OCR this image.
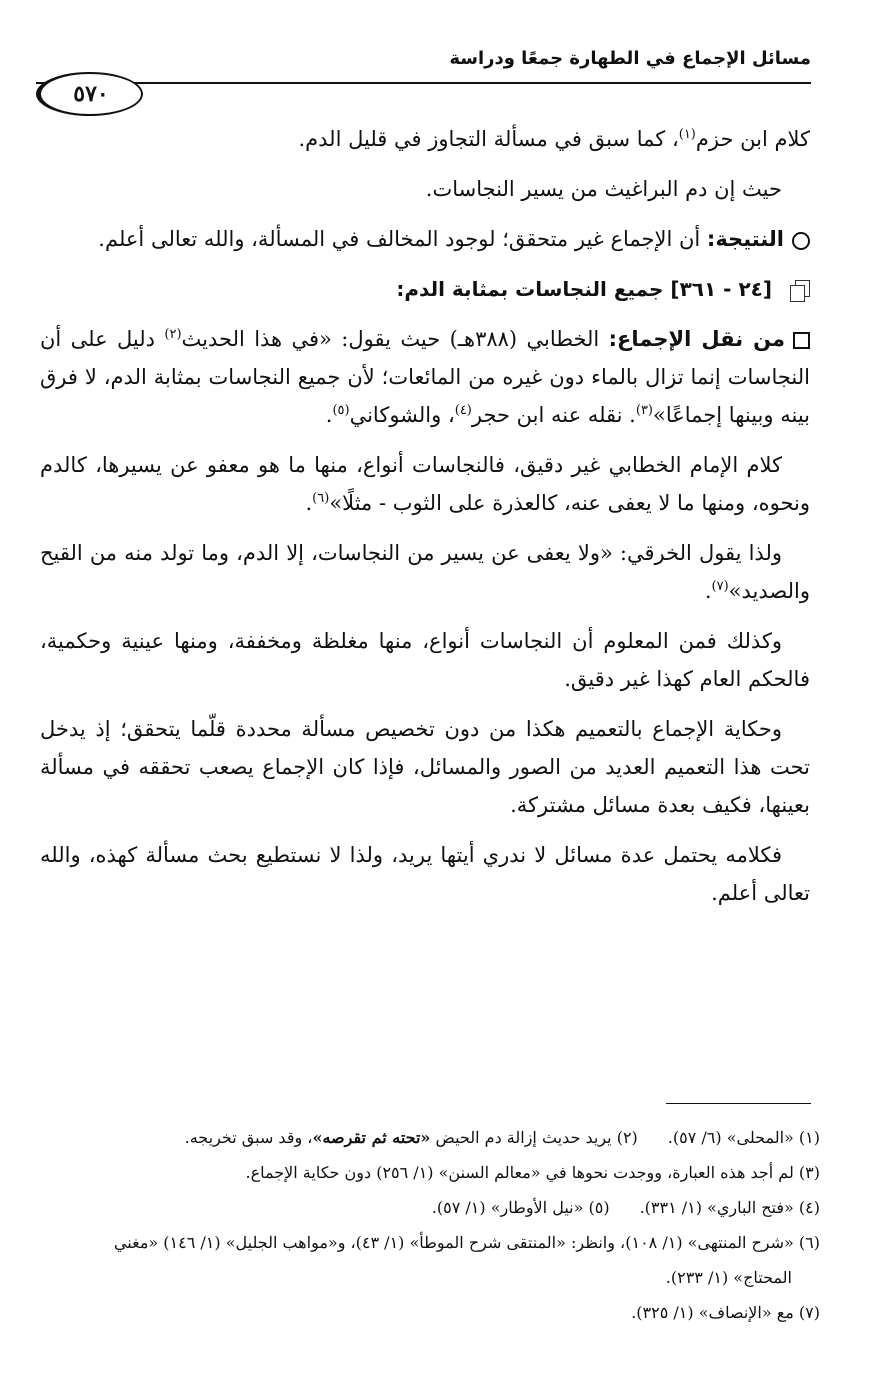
مسائل الإجماع في الطهارة جمعًا ودراسة
٥٧٠

كلام ابن حزم$^{(١)}$، كما سبق في مسألة التجاوز في قليل الدم.

حيث إن دم البراغيث من يسير النجاسات.

النتيجة: أن الإجماع غير متحقق؛ لوجود المخالف في المسألة، والله تعالى أعلم.

[٢٤ - ٣٦١] جميع النجاسات بمثابة الدم:

من نقل الإجماع: الخطابي (٣٨٨هـ) حيث يقول: «في هذا الحديث$^{(٢)}$ دليل على أن النجاسات إنما تزال بالماء دون غيره من المائعات؛ لأن جميع النجاسات بمثابة الدم، لا فرق بينه وبينها إجماعًا»$^{(٣)}$. نقله عنه ابن حجر$^{(٤)}$، والشوكاني$^{(٥)}$.

كلام الإمام الخطابي غير دقيق، فالنجاسات أنواع، منها ما هو معفو عن يسيرها، كالدم ونحوه، ومنها ما لا يعفى عنه، كالعذرة على الثوب - مثلًا»$^{(٦)}$.

ولذا يقول الخرقي: «ولا يعفى عن يسير من النجاسات، إلا الدم، وما تولد منه من القيح والصديد»$^{(٧)}$.

وكذلك فمن المعلوم أن النجاسات أنواع، منها مغلظة ومخففة، ومنها عينية وحكمية، فالحكم العام كهذا غير دقيق.

وحكاية الإجماع بالتعميم هكذا من دون تخصيص مسألة محددة قلّما يتحقق؛ إذ يدخل تحت هذا التعميم العديد من الصور والمسائل، فإذا كان الإجماع يصعب تحققه في مسألة بعينها، فكيف بعدة مسائل مشتركة.

فكلامه يحتمل عدة مسائل لا ندري أيتها يريد، ولذا لا نستطيع بحث مسألة كهذه، والله تعالى أعلم.

(١) «المحلى» (٦/ ٥٧).(٢) يريد حديث إزالة دم الحيض «تحته ثم تقرصه»، وقد سبق تخريجه.
(٣) لم أجد هذه العبارة، ووجدت نحوها في «معالم السنن» (١/ ٢٥٦) دون حكاية الإجماع.
(٤) «فتح الباري» (١/ ٣٣١).(٥) «نيل الأوطار» (١/ ٥٧).
(٦) «شرح المنتهى» (١/ ١٠٨)، وانظر: «المنتقى شرح الموطأ» (١/ ٤٣)، و«مواهب الجليل» (١/ ١٤٦) «مغني
المحتاج» (١/ ٢٣٣).
(٧) مع «الإنصاف» (١/ ٣٢٥).
